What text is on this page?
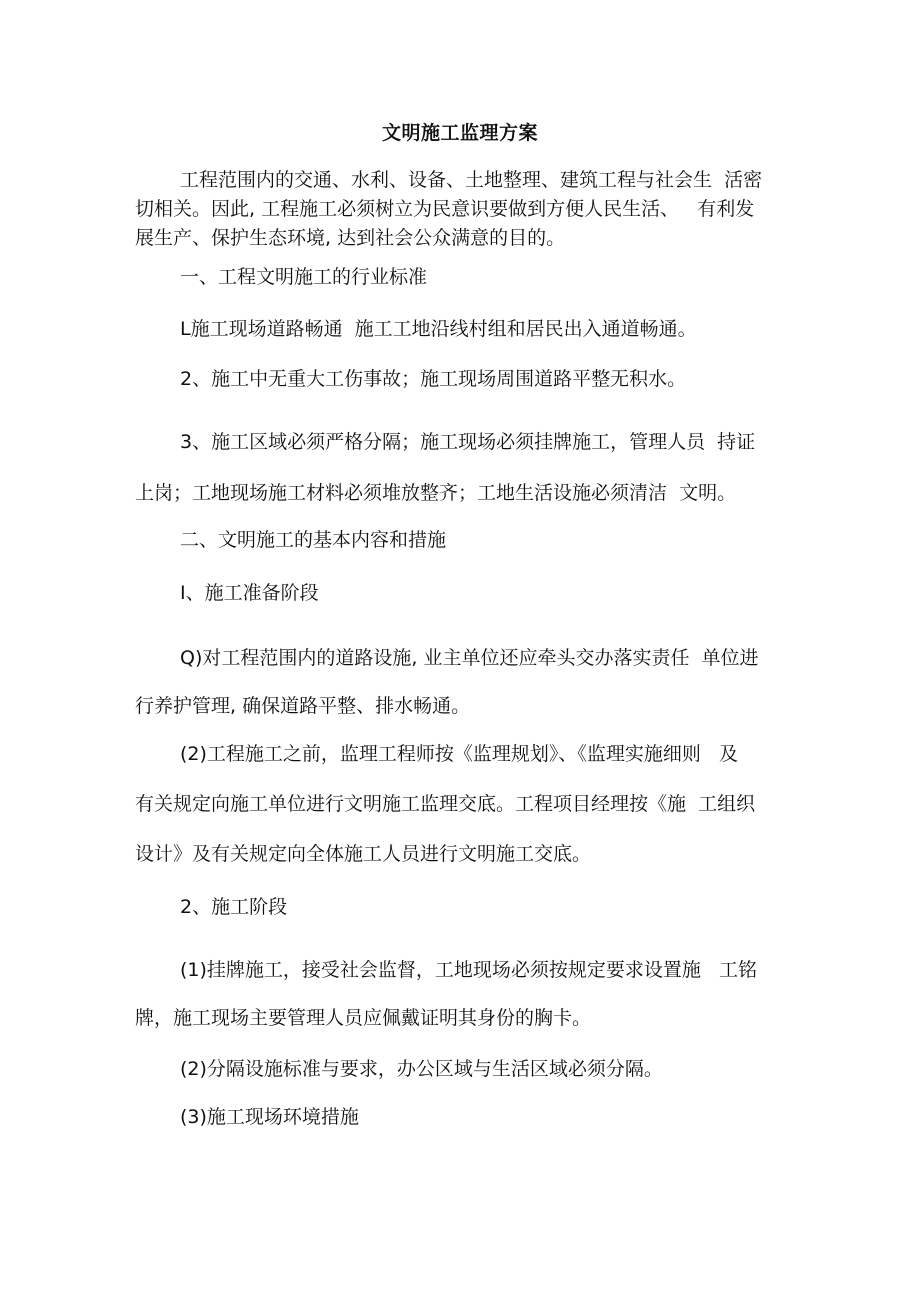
文明施工监理方案
工程范围内的交通、水利、设备、土地整理、建筑工程与社会生  活密
切相关。因此, 工程施工必须树立为民意识要做到方便人民生活、   有利发
展生产、保护生态环境, 达到社会公众满意的目的。
一、工程文明施工的行业标准
L施工现场道路畅通  施工工地沿线村组和居民出入通道畅通。
2、施工中无重大工伤事故；施工现场周围道路平整无积水。
3、施工区域必须严格分隔；施工现场必须挂牌施工，管理人员  持证
上岗；工地现场施工材料必须堆放整齐；工地生活设施必须清洁  文明。
二、文明施工的基本内容和措施
I、施工准备阶段
Q)对工程范围内的道路设施, 业主单位还应牵头交办落实责任  单位进
行养护管理, 确保道路平整、排水畅通。
(2)工程施工之前，监理工程师按《监理规划》、《监理实施细则   及
有关规定向施工单位进行文明施工监理交底。工程项目经理按《施  工组织
设计》及有关规定向全体施工人员进行文明施工交底。
2、施工阶段
(1)挂牌施工，接受社会监督，工地现场必须按规定要求设置施   工铭
牌，施工现场主要管理人员应佩戴证明其身份的胸卡。
(2)分隔设施标准与要求，办公区域与生活区域必须分隔。
(3)施工现场环境措施
